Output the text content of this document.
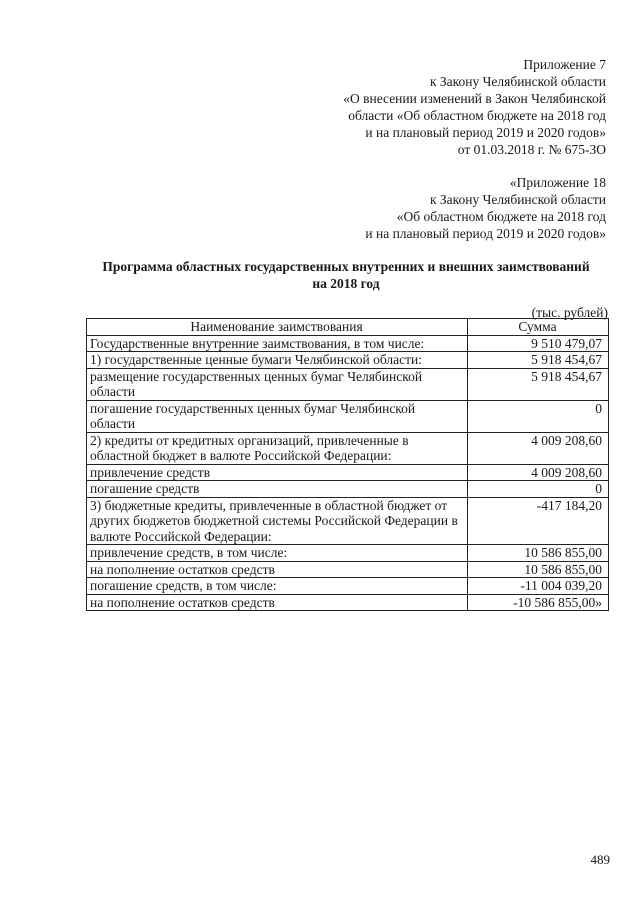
Приложение 7
к Закону Челябинской области
«О внесении изменений в Закон Челябинской
области «Об областном бюджете на 2018 год
и на плановый период 2019 и 2020 годов»
от 01.03.2018 г. № 675-ЗО
«Приложение 18
к Закону Челябинской области
«Об областном бюджете на 2018 год
и на плановый период 2019 и 2020 годов»
Программа областных государственных внутренних и внешних заимствований
на 2018 год
(тыс. рублей)
Наименование заимствования	Сумма
Государственные внутренние заимствования, в том числе:	9 510 479,07
1) государственные ценные бумаги Челябинской области:	5 918 454,67
размещение государственных ценных бумаг Челябинской области	5 918 454,67
погашение государственных ценных бумаг Челябинской области	0
2) кредиты от кредитных организаций, привлеченные в областной бюджет в валюте Российской Федерации:	4 009 208,60
привлечение средств	4 009 208,60
погашение средств	0
3) бюджетные кредиты, привлеченные в областной бюджет от других бюджетов бюджетной системы Российской Федерации в валюте Российской Федерации:	-417 184,20
привлечение средств, в том числе:	10 586 855,00
на пополнение остатков средств	10 586 855,00
погашение средств, в том числе:	-11 004 039,20
на пополнение остатков средств	-10 586 855,00»
489
